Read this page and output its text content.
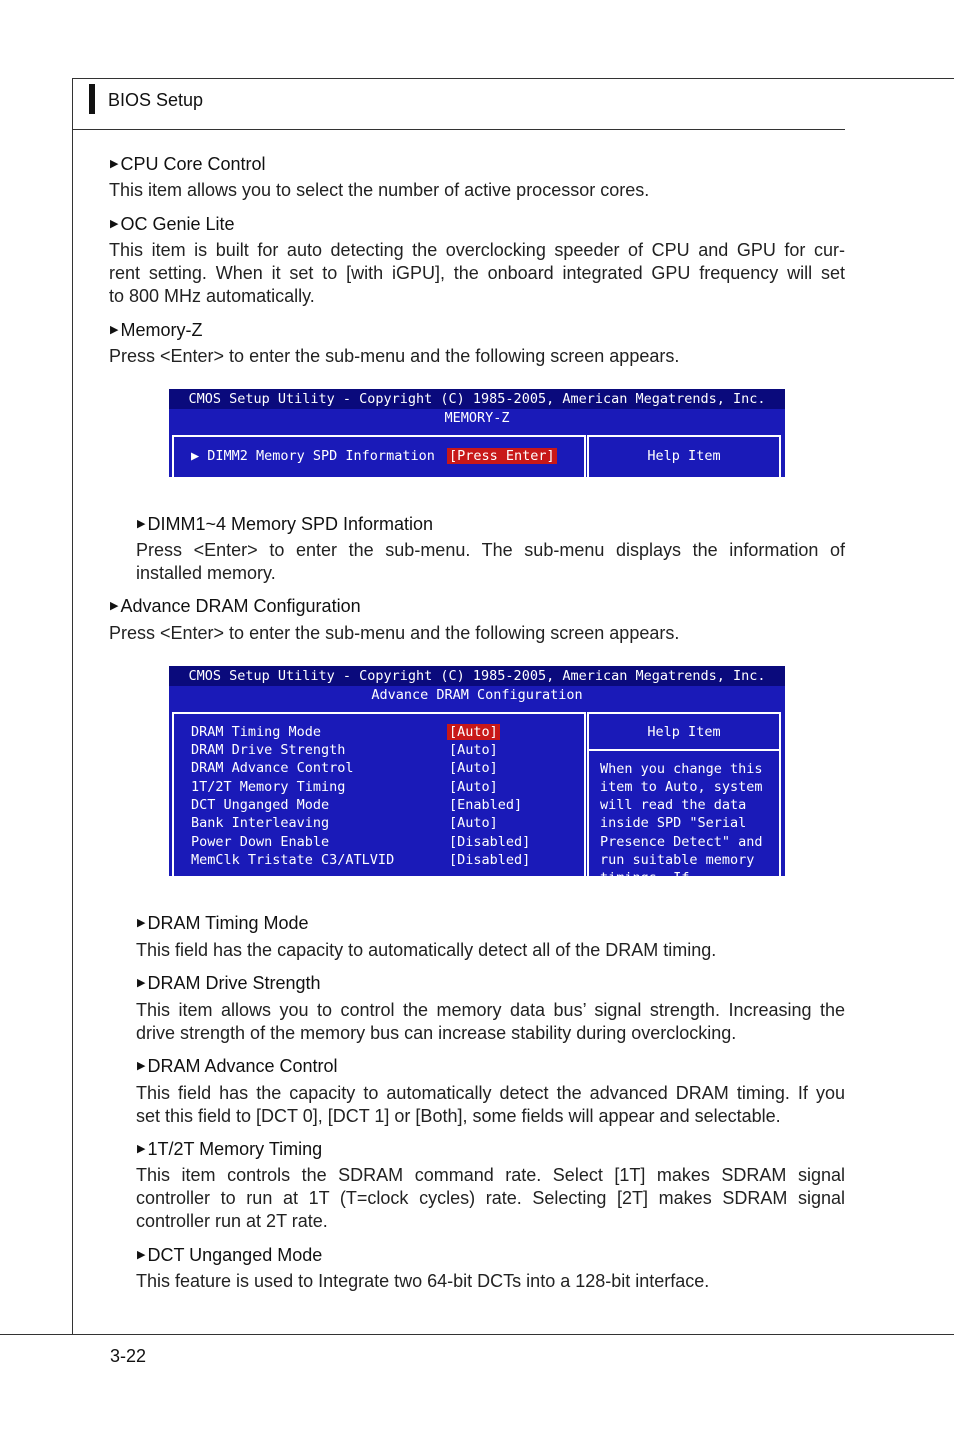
BIOS Setup
▶ CPU Core Control
This item allows you to select the number of active processor cores.
▶ OC Genie Lite
This item is built for auto detecting the overclocking speeder of CPU and GPU for cur-
rent setting. When it set to [with iGPU], the onboard integrated GPU frequency will set
to 800 MHz automatically.
▶ Memory-Z
Press <Enter> to enter the sub-menu and the following screen appears.
CMOS Setup Utility - Copyright (C) 1985-2005, American Megatrends, Inc.
MEMORY-Z
▶ DIMM2 Memory SPD Information [Press Enter]	Help Item
▶ DIMM1~4 Memory SPD Information
Press <Enter> to enter the sub-menu. The sub-menu displays the information of
installed memory.
▶ Advance DRAM Configuration
Press <Enter> to enter the sub-menu and the following screen appears.
CMOS Setup Utility - Copyright (C) 1985-2005, American Megatrends, Inc.
Advance DRAM Configuration
Help Item
DRAM Timing Mode	[Auto]
DRAM Drive Strength	[Auto]
DRAM Advance Control	[Auto]
1T/2T Memory Timing	[Auto]
DCT Unganged Mode	[Enabled]
Bank Interleaving	[Auto]
Power Down Enable	[Disabled]
MemClk Tristate C3/ATLVID	[Disabled]
When you change this
item to Auto, system
will read the data
inside SPD "Serial
Presence Detect" and
run suitable memory
timings. If
▶ DRAM Timing Mode
This field has the capacity to automatically detect all of the DRAM timing.
▶ DRAM Drive Strength
This item allows you to control the memory data bus’ signal strength. Increasing the
drive strength of the memory bus can increase stability during overclocking.
▶ DRAM Advance Control
This field has the capacity to automatically detect the advanced DRAM timing. If you
set this field to [DCT 0], [DCT 1] or [Both], some fields will appear and selectable.
▶ 1T/2T Memory Timing
This item controls the SDRAM command rate. Select [1T] makes SDRAM signal
controller to run at 1T (T=clock cycles) rate. Selecting [2T] makes SDRAM signal
controller run at 2T rate.
▶ DCT Unganged Mode
This feature is used to Integrate two 64-bit DCTs into a 128-bit interface.
3-22
